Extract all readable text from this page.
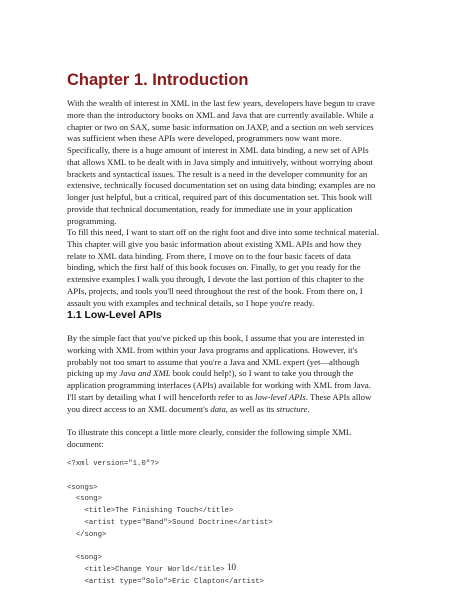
Chapter 1. Introduction

With the wealth of interest in XML in the last few years, developers have begun to crave
more than the introductory books on XML and Java that are currently available. While a
chapter or two on SAX, some basic information on JAXP, and a section on web services
was sufficient when these APIs were developed, programmers now want more.
Specifically, there is a huge amount of interest in XML data binding, a new set of APIs
that allows XML to be dealt with in Java simply and intuitively, without worrying about
brackets and syntactical issues. The result is a need in the developer community for an
extensive, technically focused documentation set on using data binding; examples are no
longer just helpful, but a critical, required part of this documentation set. This book will
provide that technical documentation, ready for immediate use in your application
programming.

To fill this need, I want to start off on the right foot and dive into some technical material.
This chapter will give you basic information about existing XML APIs and how they
relate to XML data binding. From there, I move on to the four basic facets of data
binding, which the first half of this book focuses on. Finally, to get you ready for the
extensive examples I walk you through, I devote the last portion of this chapter to the
APIs, projects, and tools you'll need throughout the rest of the book. From there on, I
assault you with examples and technical details, so I hope you're ready.

1.1 Low-Level APIs

By the simple fact that you've picked up this book, I assume that you are interested in
working with XML from within your Java programs and applications. However, it's
probably not too smart to assume that you're a Java and XML expert (yet—although
picking up my Java and XML book could help!), so I want to take you through the
application programming interfaces (APIs) available for working with XML from Java.
I'll start by detailing what I will henceforth refer to as low-level APIs. These APIs allow
you direct access to an XML document's data, as well as its structure.

To illustrate this concept a little more clearly, consider the following simple XML
document:

<?xml version="1.0"?>
<songs>
<song>
<title>The Finishing Touch</title>
<artist type="Band">Sound Doctrine</artist>
</song>
<song>
<title>Change Your World</title>
<artist type="Solo">Eric Clapton</artist>
10
